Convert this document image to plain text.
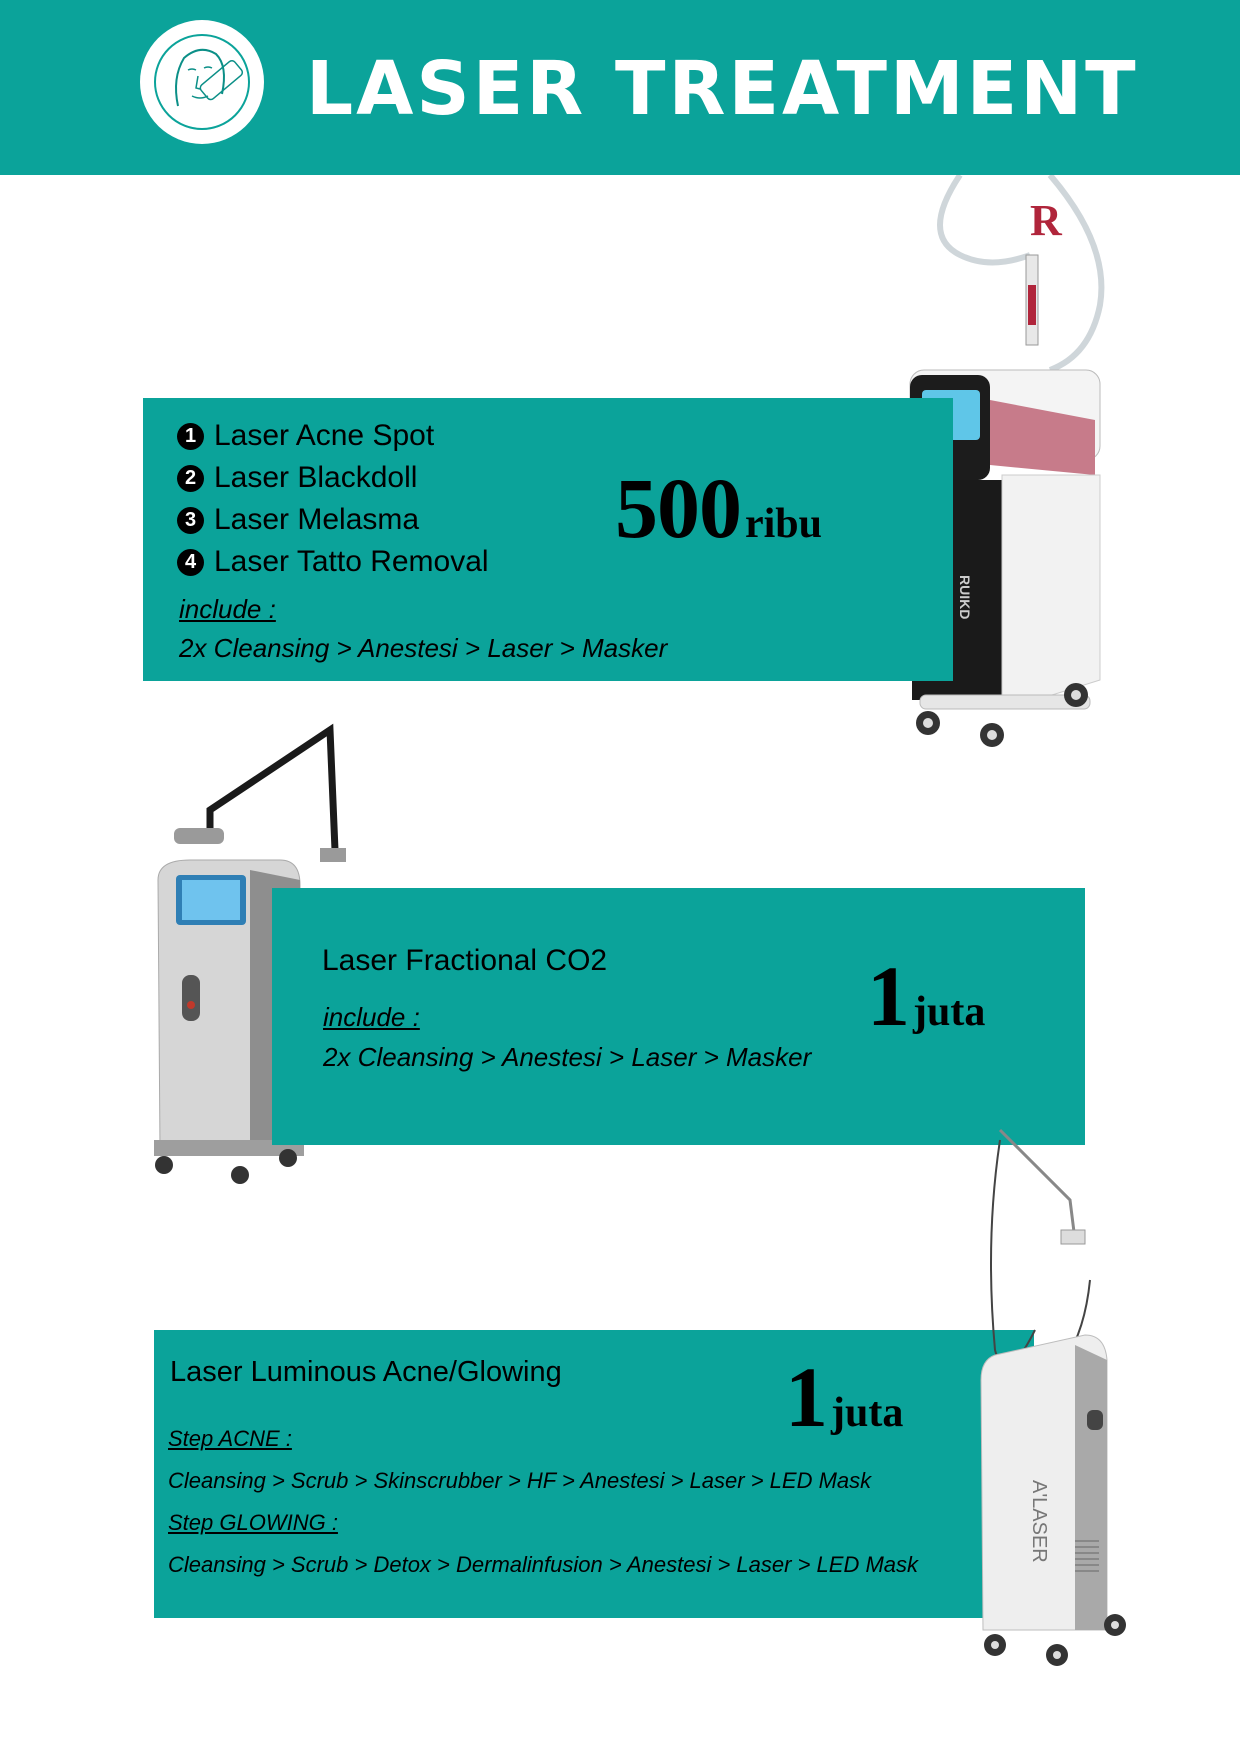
LASER TREATMENT
R
RUIKD
1 Laser Acne Spot
2 Laser Blackdoll
3 Laser Melasma
4 Laser Tatto Removal
include :
2x Cleansing > Anestesi > Laser > Masker
500ribu
Laser Fractional CO2
include :
2x Cleansing > Anestesi > Laser > Masker
1juta
Laser Luminous Acne/Glowing
Step ACNE :
Cleansing > Scrub > Skinscrubber > HF > Anestesi > Laser > LED Mask
Step GLOWING :
Cleansing > Scrub > Detox > Dermalinfusion > Anestesi > Laser > LED Mask
1juta
A'LASER
